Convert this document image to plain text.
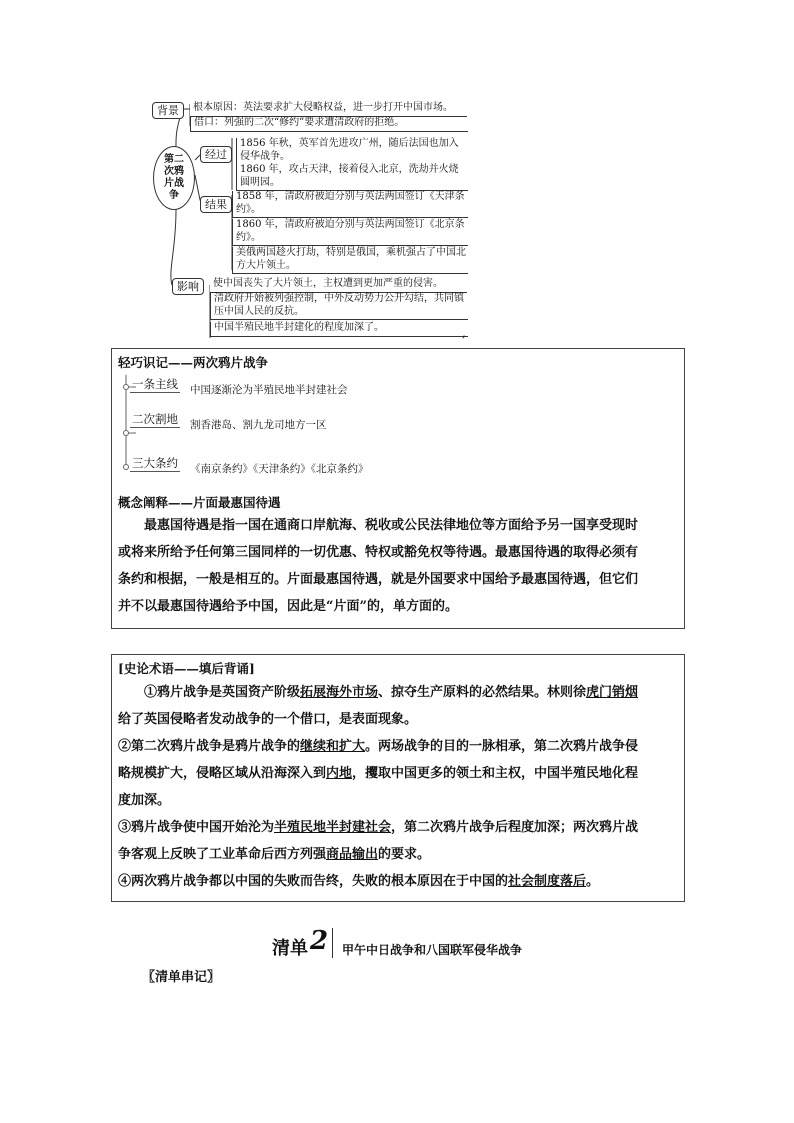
背景	根本原因：英法要求扩大侵略权益，进一步打开中国市场。
借口：列强的二次“修约”要求遭清政府的拒绝。
第二次鸦片战争
经过
1856 年秋，英军首先进攻广州，随后法国也加入侵华战争。
1860 年，攻占天津，接着侵入北京，洗劫并火烧圆明园。
结果
1858 年，清政府被迫分别与英法两国签订《天津条约》。
1860 年，清政府被迫分别与英法两国签订《北京条约》。
美俄两国趁火打劫，特别是俄国，乘机强占了中国北方大片领土。
影响	使中国丧失了大片领土，主权遭到更加严重的侵害。
清政府开始被列强控制，中外反动势力公开勾结，共同镇压中国人民的反抗。
中国半殖民地半封建化的程度加深了。	,
轻巧识记——两次鸦片战争
一条主线 中国逐渐沦为半殖民地半封建社会
二次割地 割香港岛、割九龙司地方一区
三大条约 《南京条约》《天津条约》《北京条约》
概念阐释——片面最惠国待遇

最惠国待遇是指一国在通商口岸航海、税收或公民法律地位等方面给予另一国享受现时

或将来所给予任何第三国同样的一切优惠、特权或豁免权等待遇。最惠国待遇的取得必须有

条约和根据，一般是相互的。片面最惠国待遇，就是外国要求中国给予最惠国待遇，但它们

并不以最惠国待遇给予中国，因此是“片面”的，单方面的。

[史论术语——填后背诵]

①鸦片战争是英国资产阶级拓展海外市场、掠夺生产原料的必然结果。林则徐虎门销烟

给了英国侵略者发动战争的一个借口，是表面现象。

②第二次鸦片战争是鸦片战争的继续和扩大。两场战争的目的一脉相承，第二次鸦片战争侵

略规模扩大，侵略区域从沿海深入到内地，攫取中国更多的领土和主权，中国半殖民地化程

度加深。

③鸦片战争使中国开始沦为半殖民地半封建社会，第二次鸦片战争后程度加深；两次鸦片战

争客观上反映了工业革命后西方列强商品输出的要求。

④两次鸦片战争都以中国的失败而告终，失败的根本原因在于中国的社会制度落后。

清单 2 甲午中日战争和八国联军侵华战争
〖清单串记〗
